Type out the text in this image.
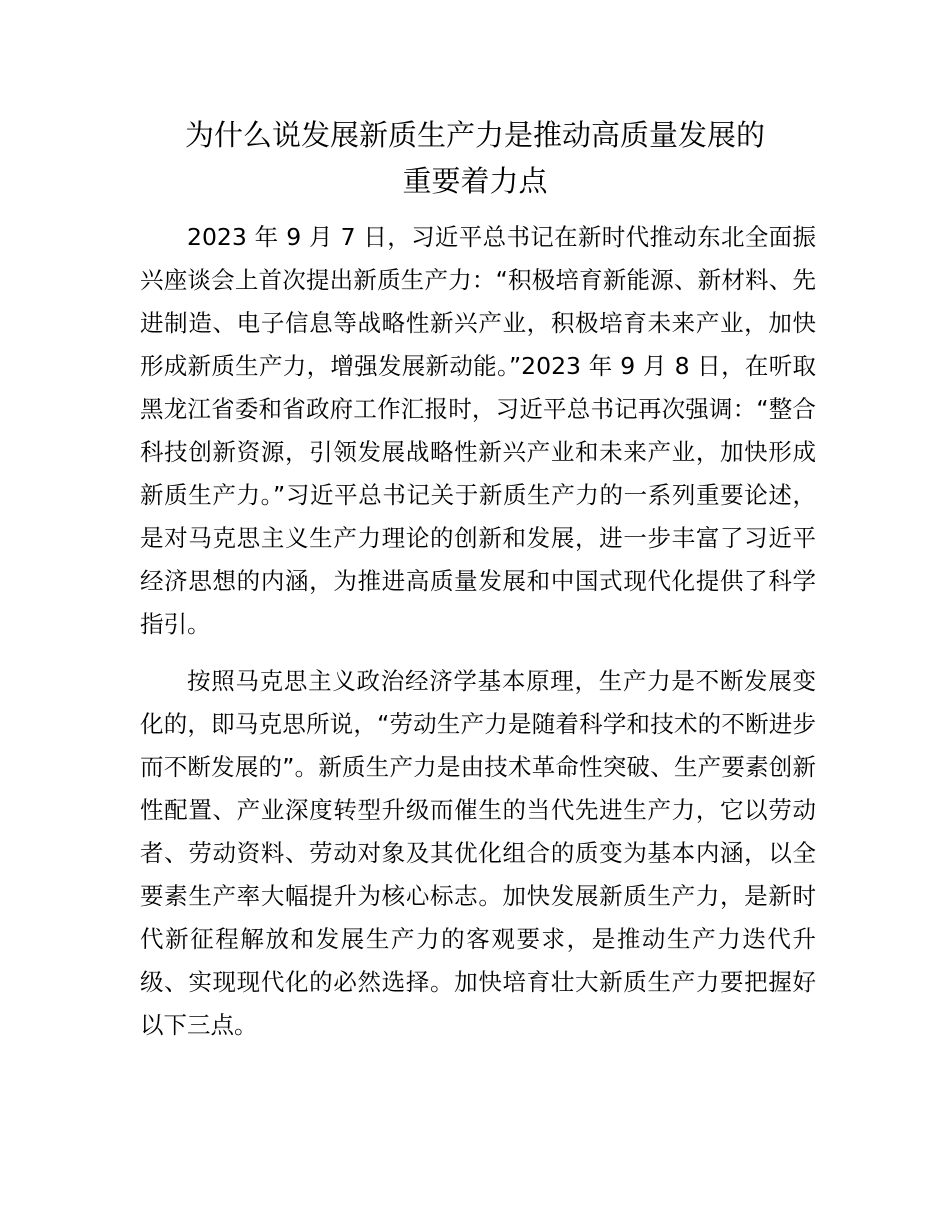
为什么说发展新质生产力是推动高质量发展的
重要着力点

2023 年 9 月 7 日，习近平总书记在新时代推动东北全面振兴座谈会上首次提出新质生产力：“积极培育新能源、新材料、先进制造、电子信息等战略性新兴产业，积极培育未来产业，加快形成新质生产力，增强发展新动能。”2023 年 9 月 8 日，在听取黑龙江省委和省政府工作汇报时，习近平总书记再次强调：“整合科技创新资源，引领发展战略性新兴产业和未来产业，加快形成新质生产力。”习近平总书记关于新质生产力的一系列重要论述，是对马克思主义生产力理论的创新和发展，进一步丰富了习近平经济思想的内涵，为推进高质量发展和中国式现代化提供了科学指引。

按照马克思主义政治经济学基本原理，生产力是不断发展变化的，即马克思所说，“劳动生产力是随着科学和技术的不断进步而不断发展的”。新质生产力是由技术革命性突破、生产要素创新性配置、产业深度转型升级而催生的当代先进生产力，它以劳动者、劳动资料、劳动对象及其优化组合的质变为基本内涵，以全要素生产率大幅提升为核心标志。加快发展新质生产力，是新时代新征程解放和发展生产力的客观要求，是推动生产力迭代升级、实现现代化的必然选择。加快培育壮大新质生产力要把握好以下三点。
